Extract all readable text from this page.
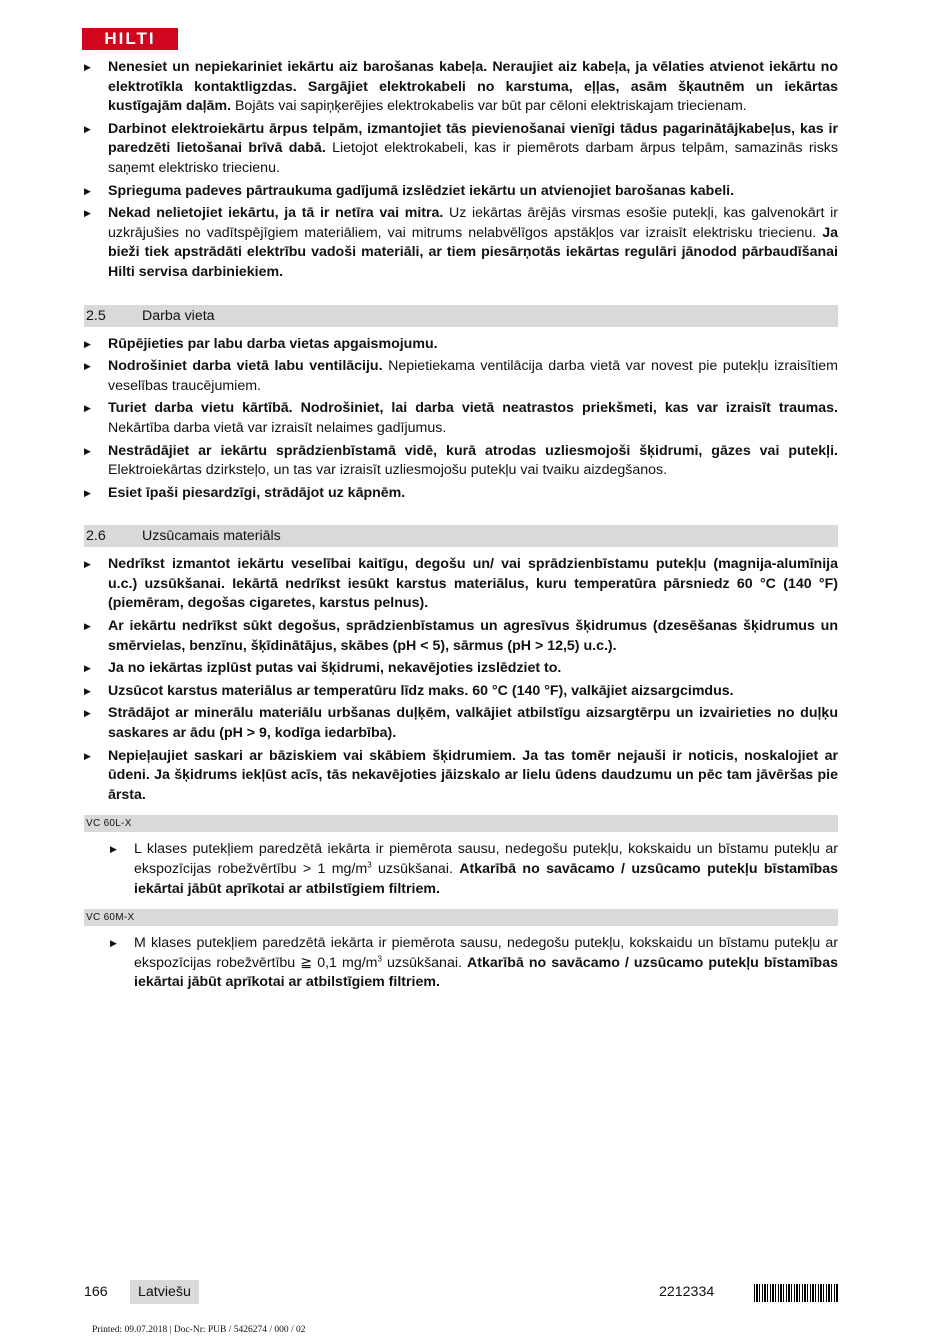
HILTI
▶ Nenesiet un nepiekariniet iekārtu aiz barošanas kabeļa. Neraujiet aiz kabeļa, ja vēlaties atvienot iekārtu no elektrotīkla kontaktligzdas. Sargājiet elektrokabeli no karstuma, eļļas, asām šķautnēm un iekārtas kustīgajām daļām. Bojāts vai sapiņķerējies elektrokabelis var būt par cēloni elektriskajam triecienam.
▶ Darbinot elektroiekārtu ārpus telpām, izmantojiet tās pievienošanai vienīgi tādus pagarinātājkabeļus, kas ir paredzēti lietošanai brīvā dabā. Lietojot elektrokabeli, kas ir piemērots darbam ārpus telpām, samazinās risks saņemt elektrisko triecienu.
▶ Sprieguma padeves pārtraukuma gadījumā izslēdziet iekārtu un atvienojiet barošanas kabeli.
▶ Nekad nelietojiet iekārtu, ja tā ir netīra vai mitra. Uz iekārtas ārējās virsmas esošie putekļi, kas galvenokārt ir uzkrājušies no vadītspējīgiem materiāliem, vai mitrums nelabvēlīgos apstākļos var izraisīt elektrisku triecienu. Ja bieži tiek apstrādāti elektrību vadoši materiāli, ar tiem piesārņotās iekārtas regulāri jānodod pārbaudīšanai Hilti servisa darbiniekiem.
2.5	Darba vieta
▶ Rūpējieties par labu darba vietas apgaismojumu.
▶ Nodrošiniet darba vietā labu ventilāciju. Nepietiekama ventilācija darba vietā var novest pie putekļu izraisītiem veselības traucējumiem.
▶ Turiet darba vietu kārtībā. Nodrošiniet, lai darba vietā neatrastos priekšmeti, kas var izraisīt traumas. Nekārtība darba vietā var izraisīt nelaimes gadījumus.
▶ Nestrādājiet ar iekārtu sprādzienbīstamā vidē, kurā atrodas uzliesmojoši šķidrumi, gāzes vai putekļi. Elektroiekārtas dzirksteļo, un tas var izraisīt uzliesmojošu putekļu vai tvaiku aizdegšanos.
▶ Esiet īpaši piesardzīgi, strādājot uz kāpnēm.
2.6	Uzsūcamais materiāls
▶ Nedrīkst izmantot iekārtu veselībai kaitīgu, degošu un/ vai sprādzienbīstamu putekļu (magnija-alumīnija u.c.) uzsūkšanai. Iekārtā nedrīkst iesūkt karstus materiālus, kuru temperatūra pārsniedz 60 °C (140 °F) (piemēram, degošas cigaretes, karstus pelnus).
▶ Ar iekārtu nedrīkst sūkt degošus, sprādzienbīstamus un agresīvus šķidrumus (dzesēšanas šķidrumus un smērvielas, benzīnu, šķīdinātājus, skābes (pH < 5), sārmus (pH > 12,5) u.c.).
▶ Ja no iekārtas izplūst putas vai šķidrumi, nekavējoties izslēdziet to.
▶ Uzsūcot karstus materiālus ar temperatūru līdz maks. 60 °C (140 °F), valkājiet aizsargcimdus.
▶ Strādājot ar minerālu materiālu urbšanas duļķēm, valkājiet atbilstīgu aizsargtērpu un izvairieties no duļķu saskares ar ādu (pH > 9, kodīga iedarbība).
▶ Nepieļaujiet saskari ar bāziskiem vai skābiem šķidrumiem. Ja tas tomēr nejauši ir noticis, noskalojiet ar ūdeni. Ja šķidrums iekļūst acīs, tās nekavējoties jāizskalo ar lielu ūdens daudzumu un pēc tam jāvēršas pie ārsta.
VC 60L-X
▶ L klases putekļiem paredzētā iekārta ir piemērota sausu, nedegošu putekļu, kokskaidu un bīstamu putekļu ar ekspozīcijas robežvērtību > 1 $mg/m^3$ uzsūkšanai. Atkarībā no savācamo / uzsūcamo putekļu bīstamības iekārtai jābūt aprīkotai ar atbilstīgiem filtriem.
VC 60M-X
▶ M klases putekļiem paredzētā iekārta ir piemērota sausu, nedegošu putekļu, kokskaidu un bīstamu putekļu ar ekspozīcijas robežvērtību ≧ 0,1 $mg/m^3$ uzsūkšanai. Atkarībā no savācamo / uzsūcamo putekļu bīstamības iekārtai jābūt aprīkotai ar atbilstīgiem filtriem.
166	Latviešu	2212334
Printed: 09.07.2018 | Doc-Nr: PUB / 5426274 / 000 / 02
